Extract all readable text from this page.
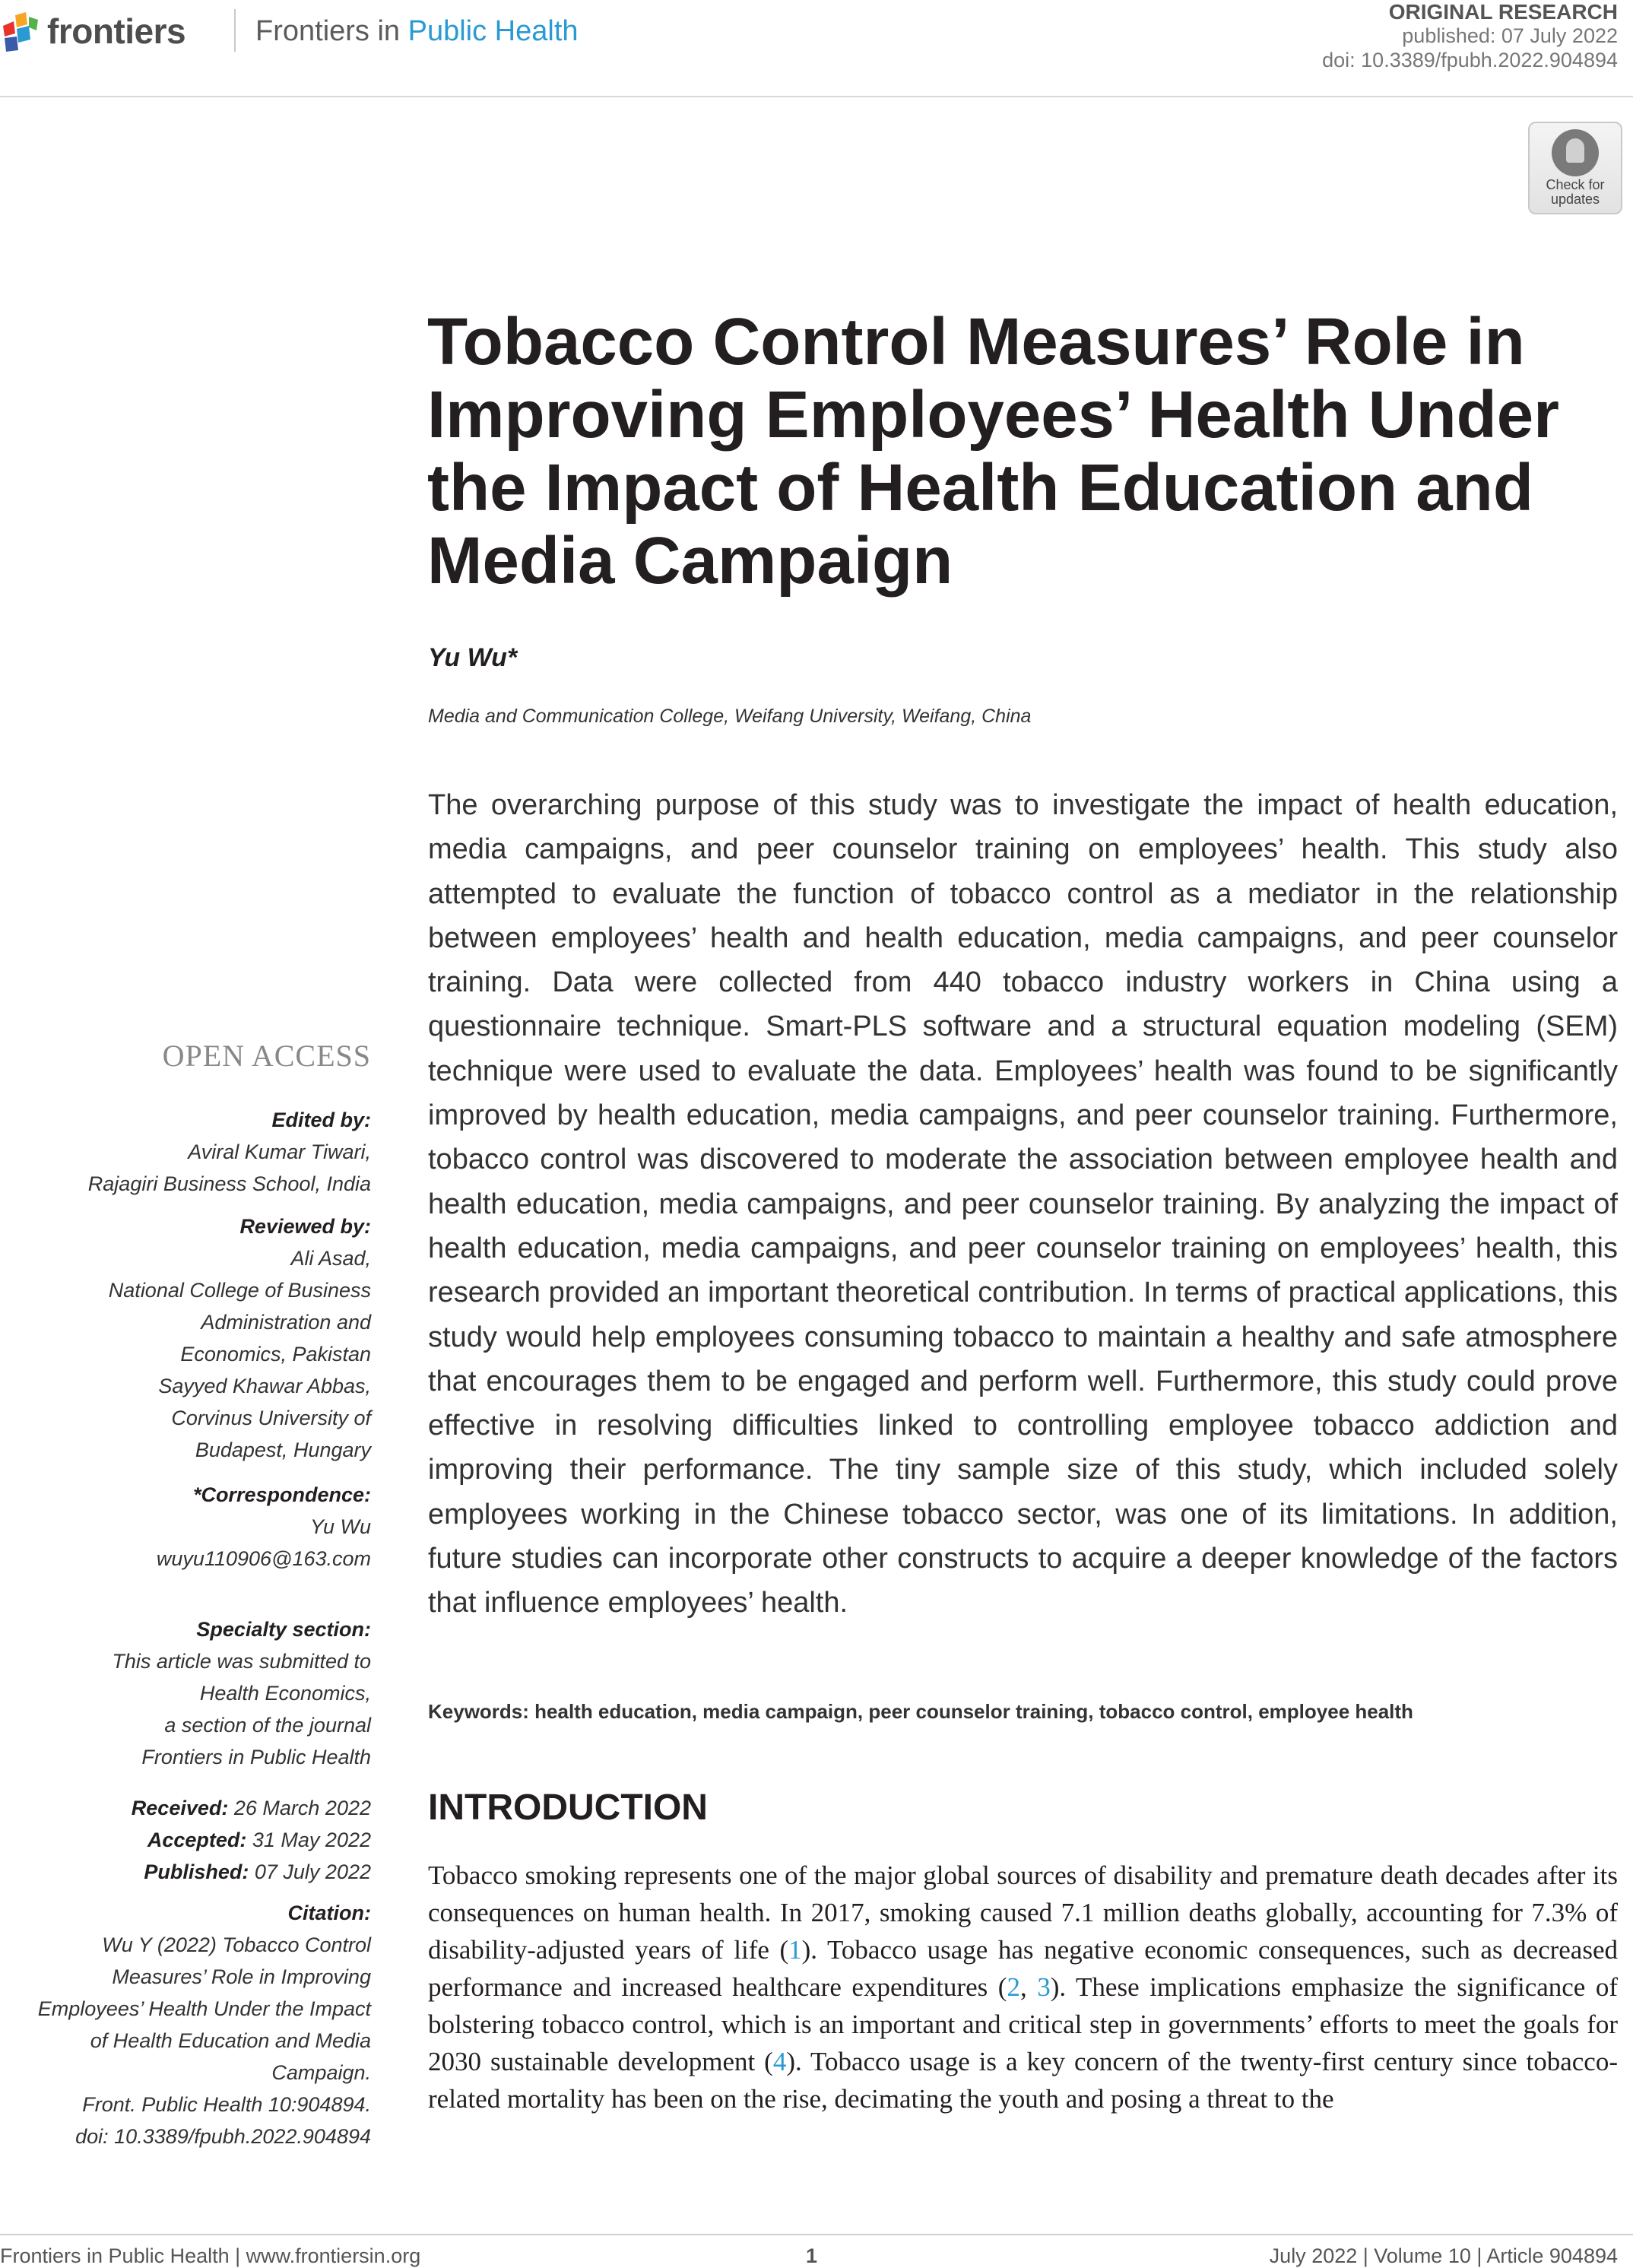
frontiers Frontiers in Public Health
ORIGINAL RESEARCH
published: 07 July 2022
doi: 10.3389/fpubh.2022.904894
Check for
updates
Tobacco Control Measures’ Role in Improving Employees’ Health Under the Impact of Health Education and Media Campaign
Yu Wu*
Media and Communication College, Weifang University, Weifang, China
The overarching purpose of this study was to investigate the impact of health education, media campaigns, and peer counselor training on employees’ health. This study also attempted to evaluate the function of tobacco control as a mediator in the relationship between employees’ health and health education, media campaigns, and peer counselor training. Data were collected from 440 tobacco industry workers in China using a questionnaire technique. Smart-PLS software and a structural equation modeling (SEM) technique were used to evaluate the data. Employees’ health was found to be significantly improved by health education, media campaigns, and peer counselor training. Furthermore, tobacco control was discovered to moderate the association between employee health and health education, media campaigns, and peer counselor training. By analyzing the impact of health education, media campaigns, and peer counselor training on employees’ health, this research provided an important theoretical contribution. In terms of practical applications, this study would help employees consuming tobacco to maintain a healthy and safe atmosphere that encourages them to be engaged and perform well. Furthermore, this study could prove effective in resolving difficulties linked to controlling employee tobacco addiction and improving their performance. The tiny sample size of this study, which included solely employees working in the Chinese tobacco sector, was one of its limitations. In addition, future studies can incorporate other constructs to acquire a deeper knowledge of the factors that influence employees’ health.
Keywords: health education, media campaign, peer counselor training, tobacco control, employee health
INTRODUCTION
Tobacco smoking represents one of the major global sources of disability and premature death decades after its consequences on human health. In 2017, smoking caused 7.1 million deaths globally, accounting for 7.3% of disability-adjusted years of life (1). Tobacco usage has negative economic consequences, such as decreased performance and increased healthcare expenditures (2, 3). These implications emphasize the significance of bolstering tobacco control, which is an important and critical step in governments’ efforts to meet the goals for 2030 sustainable development (4). Tobacco usage is a key concern of the twenty-first century since tobacco-related mortality has been on the rise, decimating the youth and posing a threat to the
OPEN ACCESS
Edited by:
Aviral Kumar Tiwari,
Rajagiri Business School, India
Reviewed by:
Ali Asad,
National College of Business
Administration and
Economics, Pakistan
Sayyed Khawar Abbas,
Corvinus University of
Budapest, Hungary
*Correspondence:
Yu Wu
wuyu110906@163.com
Specialty section:
This article was submitted to
Health Economics,
a section of the journal
Frontiers in Public Health
Received: 26 March 2022
Accepted: 31 May 2022
Published: 07 July 2022
Citation:
Wu Y (2022) Tobacco Control
Measures’ Role in Improving
Employees’ Health Under the Impact
of Health Education and Media
Campaign.
Front. Public Health 10:904894.
doi: 10.3389/fpubh.2022.904894
Frontiers in Public Health | www.frontiersin.org	1	July 2022 | Volume 10 | Article 904894
